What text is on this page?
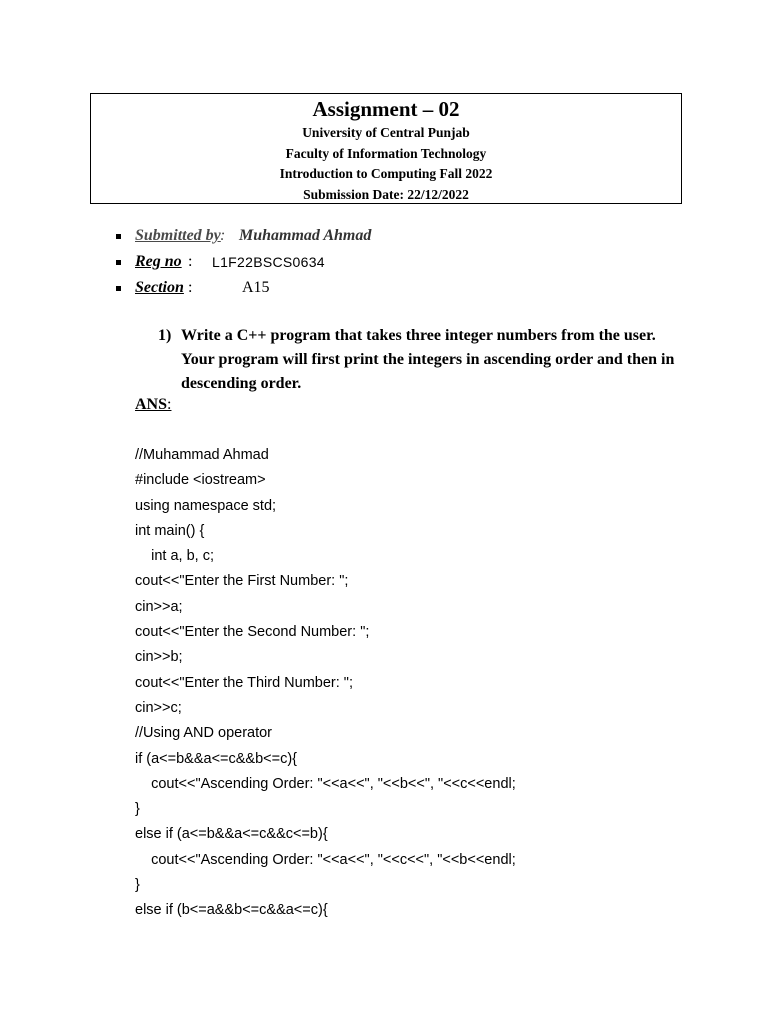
Assignment – 02
University of Central Punjab
Faculty of Information Technology
Introduction to Computing Fall 2022
Submission Date: 22/12/2022
Submitted by : Muhammad Ahmad
Reg no : L1F22BSCS0634
Section :	A15
1) Write a C++ program that takes three integer numbers from the user. Your program will first print the integers in ascending order and then in descending order.
ANS:
//Muhammad Ahmad
#include <iostream>
using namespace std;
int main() {
int a, b, c;
cout<<"Enter the First Number: ";
cin>>a;
cout<<"Enter the Second Number: ";
cin>>b;
cout<<"Enter the Third Number: ";
cin>>c;
//Using AND operator
if (a<=b&&a<=c&&b<=c){
cout<<"Ascending Order: "<<a<<", "<<b<<", "<<c<<endl;
}
else if (a<=b&&a<=c&&c<=b){
cout<<"Ascending Order: "<<a<<", "<<c<<", "<<b<<endl;
}
else if (b<=a&&b<=c&&a<=c){
